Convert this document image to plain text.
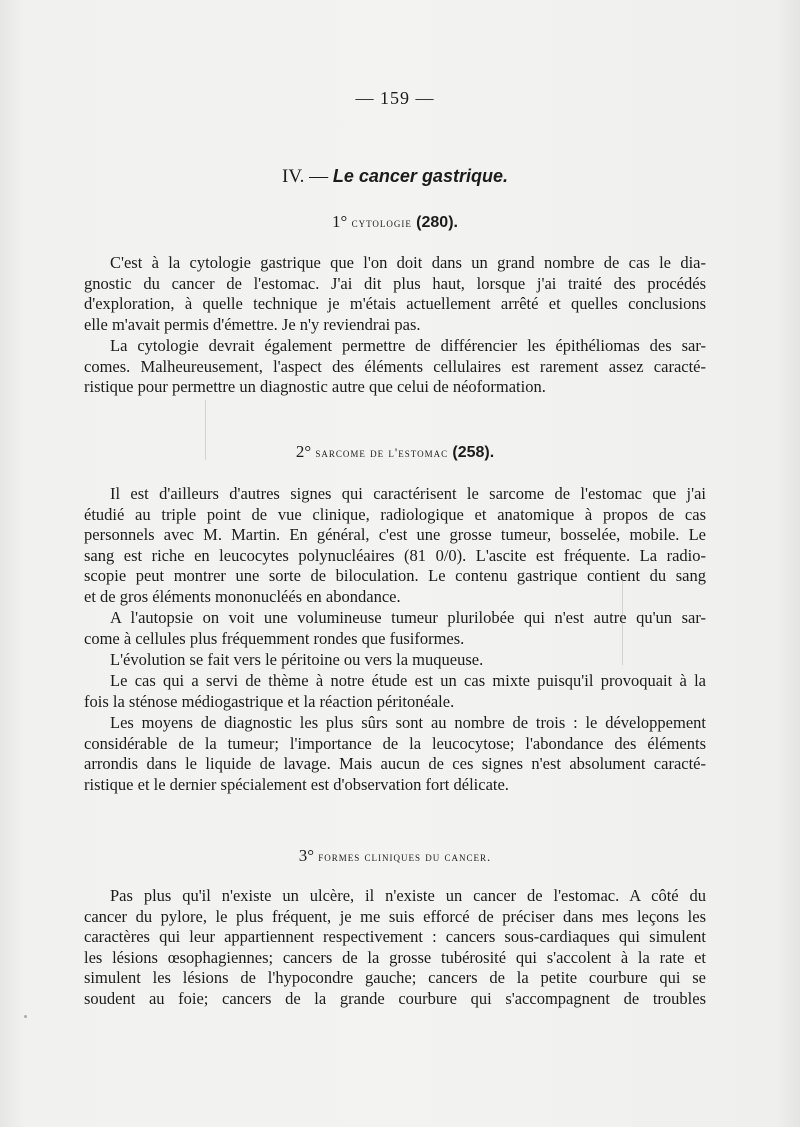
— 159 —
IV. — Le cancer gastrique.
1° cytologie (280).
C'est à la cytologie gastrique que l'on doit dans un grand nombre de cas le dia-
gnostic du cancer de l'estomac. J'ai dit plus haut, lorsque j'ai traité des procédés
d'exploration, à quelle technique je m'étais actuellement arrêté et quelles conclusions
elle m'avait permis d'émettre. Je n'y reviendrai pas.
La cytologie devrait également permettre de différencier les épithéliomas des sar-
comes. Malheureusement, l'aspect des éléments cellulaires est rarement assez caracté-
ristique pour permettre un diagnostic autre que celui de néoformation.
2° sarcome de l'estomac (258).
Il est d'ailleurs d'autres signes qui caractérisent le sarcome de l'estomac que j'ai
étudié au triple point de vue clinique, radiologique et anatomique à propos de cas
personnels avec M. Martin. En général, c'est une grosse tumeur, bosselée, mobile. Le
sang est riche en leucocytes polynucléaires (81 0/0). L'ascite est fréquente. La radio-
scopie peut montrer une sorte de biloculation. Le contenu gastrique contient du sang
et de gros éléments mononucléés en abondance.
A l'autopsie on voit une volumineuse tumeur plurilobée qui n'est autre qu'un sar-
come à cellules plus fréquemment rondes que fusiformes.
L'évolution se fait vers le péritoine ou vers la muqueuse.
Le cas qui a servi de thème à notre étude est un cas mixte puisqu'il provoquait à la
fois la sténose médiogastrique et la réaction péritonéale.
Les moyens de diagnostic les plus sûrs sont au nombre de trois : le développement
considérable de la tumeur; l'importance de la leucocytose; l'abondance des éléments
arrondis dans le liquide de lavage. Mais aucun de ces signes n'est absolument caracté-
ristique et le dernier spécialement est d'observation fort délicate.
3° formes cliniques du cancer.
Pas plus qu'il n'existe un ulcère, il n'existe un cancer de l'estomac. A côté du
cancer du pylore, le plus fréquent, je me suis efforcé de préciser dans mes leçons les
caractères qui leur appartiennent respectivement : cancers sous-cardiaques qui simulent
les lésions œsophagiennes; cancers de la grosse tubérosité qui s'accolent à la rate et
simulent les lésions de l'hypocondre gauche; cancers de la petite courbure qui se
soudent au foie; cancers de la grande courbure qui s'accompagnent de troubles
